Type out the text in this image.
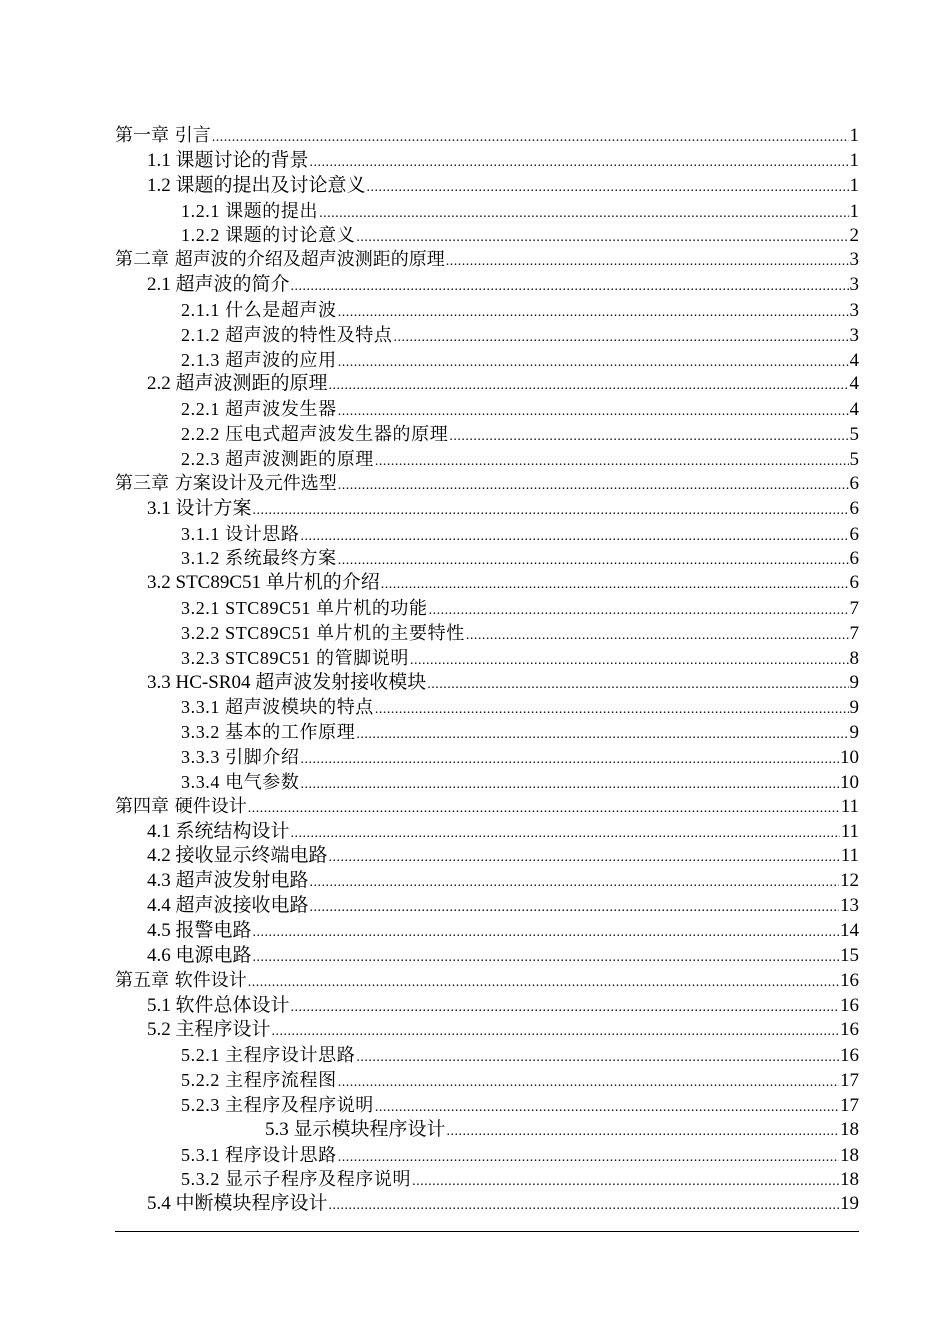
第一章 引言 .....	1
1.1 课题讨论的背景 .....	1
1.2 课题的提出及讨论意义 .....	1
1.2.1 课题的提出 .....	1
1.2.2 课题的讨论意义 .....	2
第二章 超声波的介绍及超声波测距的原理 .....	3
2.1 超声波的简介 .....	3
2.1.1 什么是超声波 .....	3
2.1.2 超声波的特性及特点 .....	3
2.1.3 超声波的应用 .....	4
2.2 超声波测距的原理 .....	4
2.2.1 超声波发生器 .....	4
2.2.2 压电式超声波发生器的原理 .....	5
2.2.3 超声波测距的原理 .....	5
第三章 方案设计及元件选型 .....	6
3.1 设计方案 .....	6
3.1.1 设计思路 .....	6
3.1.2 系统最终方案 .....	6
3.2 STC89C51 单片机的介绍 .....	6
3.2.1 STC89C51 单片机的功能 .....	7
3.2.2 STC89C51 单片机的主要特性 .....	7
3.2.3 STC89C51 的管脚说明 .....	8
3.3 HC-SR04 超声波发射接收模块 .....	9
3.3.1 超声波模块的特点 .....	9
3.3.2 基本的工作原理 .....	9
3.3.3 引脚介绍 .....	10
3.3.4 电气参数 .....	10
第四章 硬件设计 .....	11
4.1 系统结构设计 .....	11
4.2 接收显示终端电路 .....	11
4.3 超声波发射电路 .....	12
4.4 超声波接收电路 .....	13
4.5 报警电路 .....	14
4.6 电源电路 .....	15
第五章 软件设计 .....	16
5.1 软件总体设计 .....	16
5.2 主程序设计 .....	16
5.2.1 主程序设计思路 .....	16
5.2.2 主程序流程图 .....	17
5.2.3 主程序及程序说明 .....	17
5.3 显示模块程序设计 .....	18
5.3.1 程序设计思路 .....	18
5.3.2 显示子程序及程序说明 .....	18
5.4 中断模块程序设计 .....	19
